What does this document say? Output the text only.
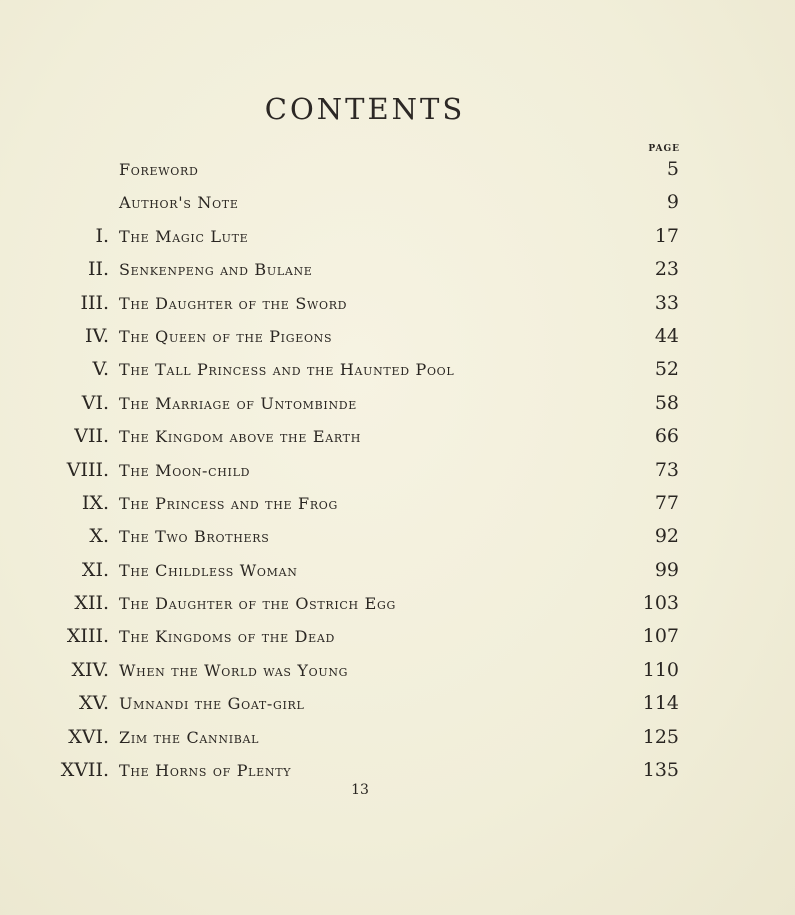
CONTENTS
PAGE
Foreword	5
Author's Note	9
I. The Magic Lute	17
II. Senkenpeng and Bulane	23
III. The Daughter of the Sword	33
IV. The Queen of the Pigeons	44
V. The Tall Princess and the Haunted Pool	52
VI. The Marriage of Untombinde	58
VII. The Kingdom above the Earth	66
VIII. The Moon-child	73
IX. The Princess and the Frog	77
X. The Two Brothers	92
XI. The Childless Woman	99
XII. The Daughter of the Ostrich Egg	103
XIII. The Kingdoms of the Dead	107
XIV. When the World was Young	110
XV. Umnandi the Goat-girl	114
XVI. Zim the Cannibal	125
XVII. The Horns of Plenty	135
13
